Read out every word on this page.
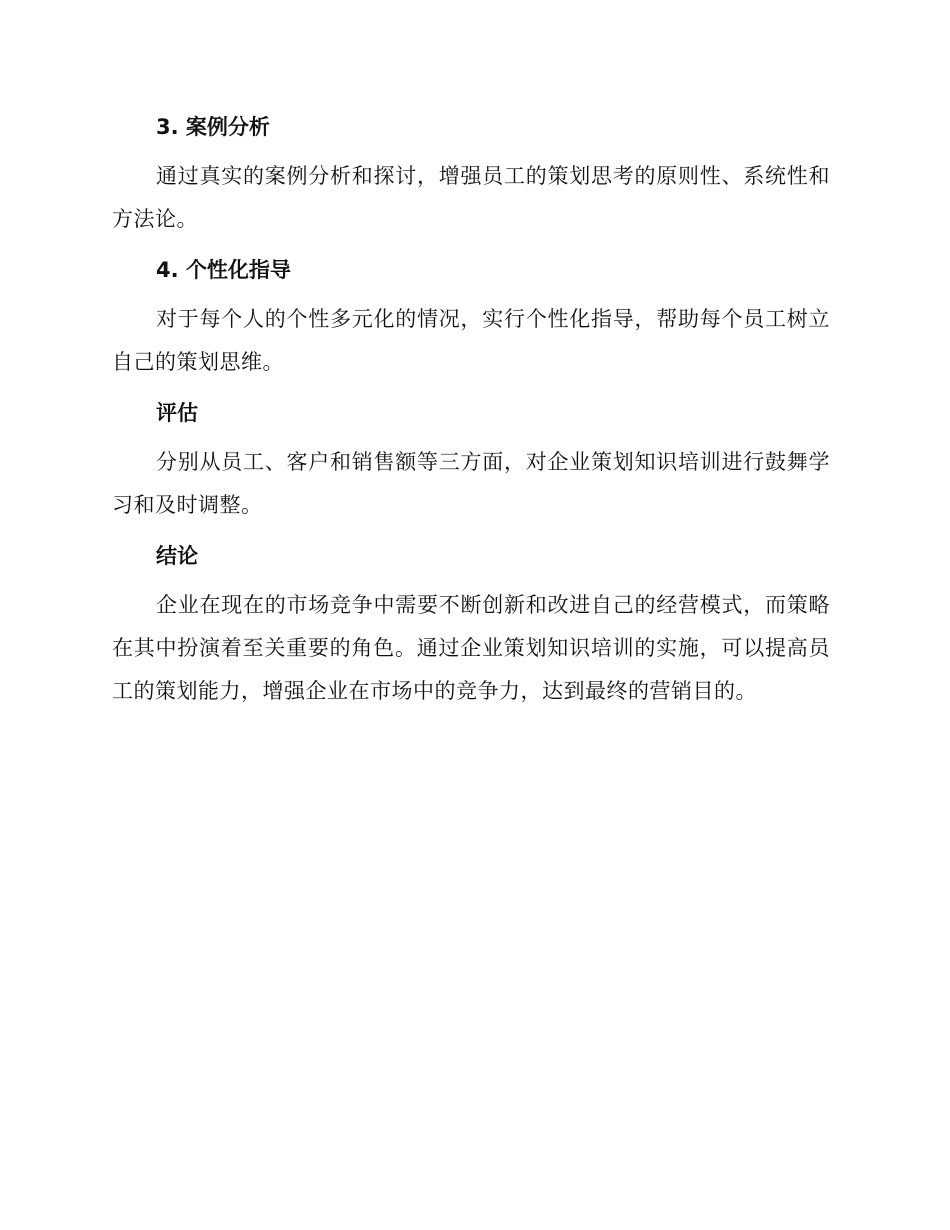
3. 案例分析

通过真实的案例分析和探讨，增强员工的策划思考的原则性、系统性和方法论。

4. 个性化指导

对于每个人的个性多元化的情况，实行个性化指导，帮助每个员工树立自己的策划思维。

评估

分别从员工、客户和销售额等三方面，对企业策划知识培训进行鼓舞学习和及时调整。

结论

企业在现在的市场竞争中需要不断创新和改进自己的经营模式，而策略在其中扮演着至关重要的角色。通过企业策划知识培训的实施，可以提高员工的策划能力，增强企业在市场中的竞争力，达到最终的营销目的。
